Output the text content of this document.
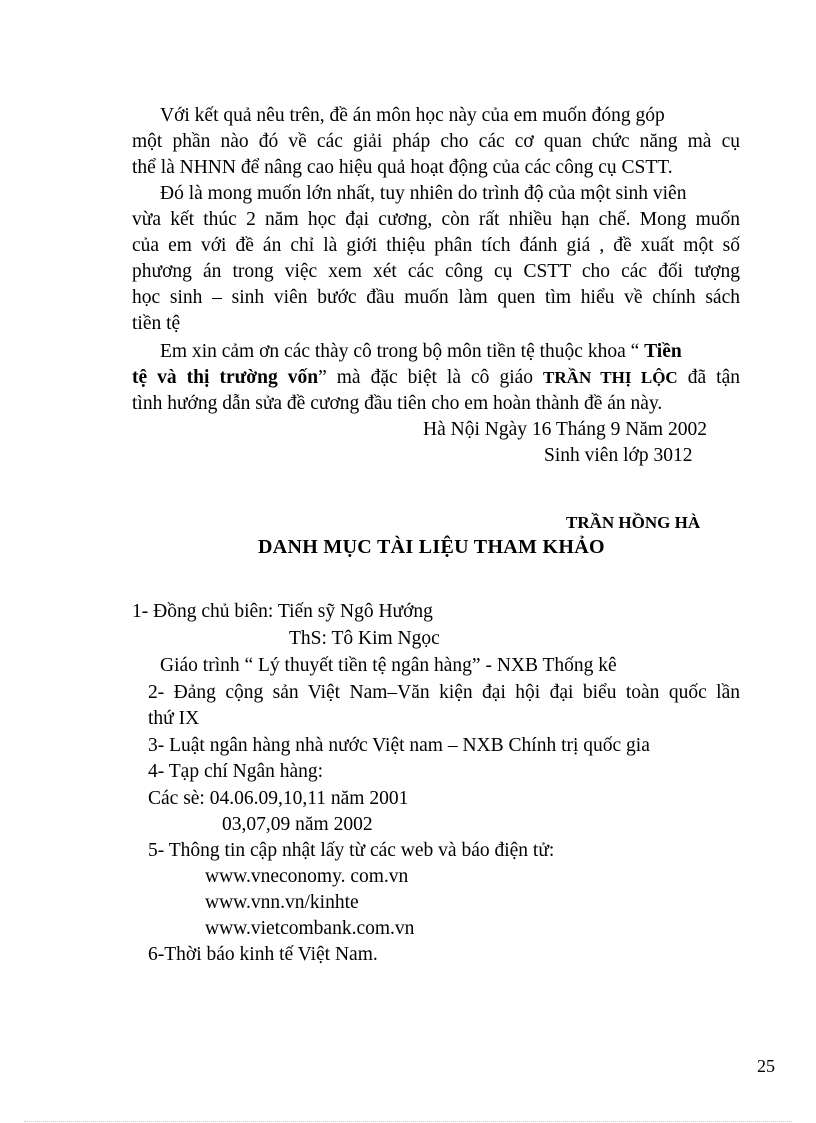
Với kết quả nêu trên, đề án môn học này của em muốn đóng góp
một phần nào đó về các giải pháp cho các cơ quan chức năng mà cụ
thể là NHNN để nâng cao hiệu quả hoạt động của các công cụ CSTT.
Đó là mong muốn lớn nhất, tuy nhiên do trình độ của một sinh viên
vừa kết thúc 2 năm học đại cương, còn rất nhiều hạn chế. Mong muốn
của em với đề án chỉ là giới thiệu phân tích đánh giá , đề xuất một số
phương án trong việc xem xét các công cụ CSTT cho các đối tượng
học sinh – sinh viên bước đầu muốn làm quen tìm hiểu về chính sách
tiền tệ
Em xin cảm ơn các thày cô trong bộ môn tiền tệ thuộc khoa “ Tiền
tệ và thị trường vốn” mà đặc biệt là cô giáo TRẦN THỊ LỘC đã tận
tình hướng dẫn sửa đề cương đầu tiên cho em hoàn thành đề án này.
Hà Nội Ngày 16 Tháng 9 Năm 2002
Sinh viên lớp 3012
TRẦN HỒNG HÀ
DANH MỤC TÀI LIỆU THAM KHẢO
1- Đồng chủ biên: Tiến sỹ Ngô Hướng
ThS: Tô Kim Ngọc
Giáo trình “ Lý thuyết tiền tệ ngân hàng” - NXB Thống kê
2- Đảng cộng sản Việt Nam–Văn kiện đại hội đại biểu toàn quốc lần
thứ IX
3- Luật ngân hàng nhà nước Việt nam – NXB Chính trị quốc gia
4- Tạp chí Ngân hàng:
Các sè: 04.06.09,10,11 năm 2001
03,07,09 năm 2002
5- Thông tin cập nhật lấy từ các web và báo điện tử:
www.vneconomy. com.vn
www.vnn.vn/kinhte
www.vietcombank.com.vn
6-Thời báo kinh tế Việt Nam.
25
